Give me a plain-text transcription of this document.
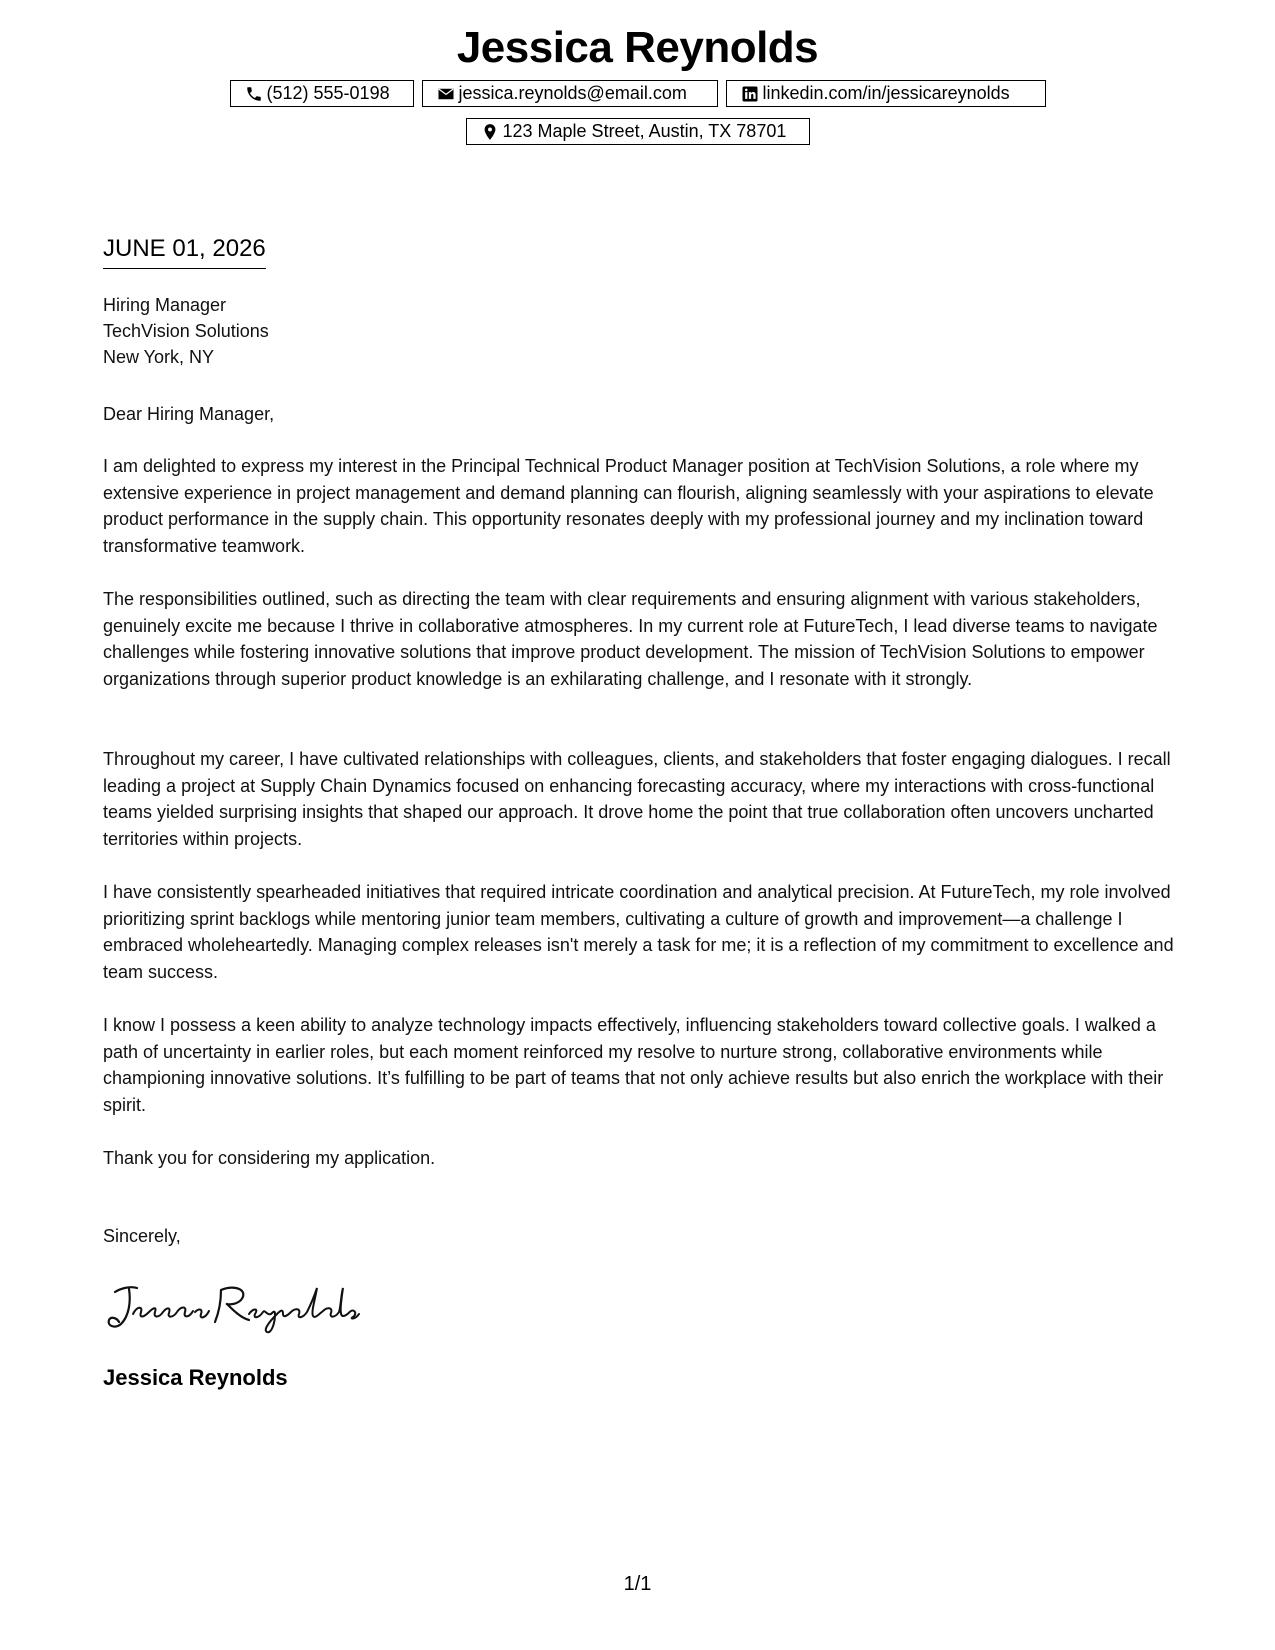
Jessica Reynolds
(512) 555-0198	jessica.reynolds@email.com	linkedin.com/in/jessicareynolds
123 Maple Street, Austin, TX 78701
JUNE 01, 2026
Hiring Manager
TechVision Solutions
New York, NY

Dear Hiring Manager,

I am delighted to express my interest in the Principal Technical Product Manager position at TechVision Solutions, a role where my extensive experience in project management and demand planning can flourish, aligning seamlessly with your aspirations to elevate product performance in the supply chain. This opportunity resonates deeply with my professional journey and my inclination toward transformative teamwork.

The responsibilities outlined, such as directing the team with clear requirements and ensuring alignment with various stakeholders, genuinely excite me because I thrive in collaborative atmospheres. In my current role at FutureTech, I lead diverse teams to navigate challenges while fostering innovative solutions that improve product development. The mission of TechVision Solutions to empower organizations through superior product knowledge is an exhilarating challenge, and I resonate with it strongly.

Throughout my career, I have cultivated relationships with colleagues, clients, and stakeholders that foster engaging dialogues. I recall leading a project at Supply Chain Dynamics focused on enhancing forecasting accuracy, where my interactions with cross-functional teams yielded surprising insights that shaped our approach. It drove home the point that true collaboration often uncovers uncharted territories within projects.

I have consistently spearheaded initiatives that required intricate coordination and analytical precision. At FutureTech, my role involved prioritizing sprint backlogs while mentoring junior team members, cultivating a culture of growth and improvement—a challenge I embraced wholeheartedly. Managing complex releases isn't merely a task for me; it is a reflection of my commitment to excellence and team success.

I know I possess a keen ability to analyze technology impacts effectively, influencing stakeholders toward collective goals. I walked a path of uncertainty in earlier roles, but each moment reinforced my resolve to nurture strong, collaborative environments while championing innovative solutions. It’s fulfilling to be part of teams that not only achieve results but also enrich the workplace with their spirit.

Thank you for considering my application.

Sincerely,

Jessica Reynolds
1/1
